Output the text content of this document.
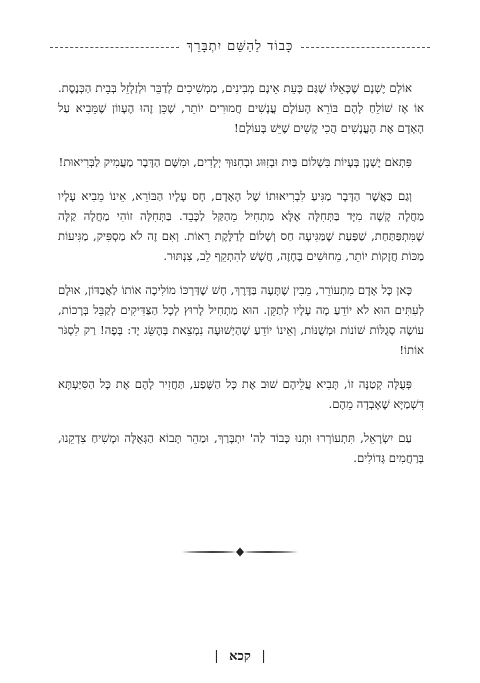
כָּבוֹד לַהַשֵּׁם יִתְבָּרֵךְ

אוֹלָם יֶשְׁנָם שֶׁכָּאֵלּוּ שֶׁגַּם כָּעֵת אֵינָם מְבִינִים, מַמְשִׁיכִים לְדַבֵּר וּלְזַלְזֵל בְּבֵית הַכְּנֶסֶת. אוֹ אָז שׁוֹלֵחַ לָהֶם בּוֹרֵא הָעוֹלָם עֳנָשִׁים חֲמוּרִים יוֹתֵר, שֶׁכֵּן זֶהוּ הֶעָווֹן שֶׁמֵּבִיא עַל הָאָדָם אֶת הָעֳנָשִׁים הֲכִי קָשִׁים שֶׁיֵּשׁ בָּעוֹלָם!

פִּתְאֹם יֶשְׁנָן בְּעָיוֹת בִּשְׁלוֹם בַּיִת וּבְזִוּוּג וּבְחִנּוּךְ יְלָדִים, וּמִשָּׁם הַדָּבָר מַעֲמִיק לַבְּרִיאוּת!

וְגַם כַּאֲשֶׁר הַדָּבָר מַגִּיעַ לִבְרִיאוּתוֹ שֶׁל הָאָדָם, חָס עָלָיו הַבּוֹרֵא, אֵינוֹ מֵבִיא עָלָיו מַחֲלָה קָשָׁה מִיָּד בַּתְּחִלָּה אֶלָּא מַתְחִיל מֵהַקַּל לַכָּבֵד. בַּתְּחִלָּה זוֹהִי מַחֲלָה קַלָּה שֶׁמִּתְפַּתַּחַת, שַׁפַּעַת שֶׁמַּגִּיעָה חַס וְשָׁלוֹם לְדַלֶּקֶת רֵאוֹת. וְאִם זֶה לֹא מַסְפִּיק, מַגִּיעוֹת מַכּוֹת חֲזָקוֹת יוֹתֵר, מֵחוּשִׁים בֶּחָזֶה, חֲשָׁשׁ לְהִתְקֵף לֵב, צִנְתּוּר.

כָּאן כָּל אָדָם מִתְעוֹרֵר, מֵבִין שֶׁתָּעָה בַּדֶּרֶךְ, חָשׁ שֶׁדַּרְכּוֹ מוֹלִיכָה אוֹתוֹ לַאֲבַדּוֹן, אוּלָם לְעִתִּים הוּא לֹא יוֹדֵעַ מָה עָלָיו לְתַקֵּן. הוּא מַתְחִיל לָרוּץ לְכָל הַצַּדִּיקִים לְקַבֵּל בְּרָכוֹת, עוֹשֶׂה סְגֻלּוֹת שׁוֹנוֹת וּמְשֻׁנּוֹת, וְאֵינוֹ יוֹדֵעַ שֶׁהַיְשׁוּעָה נִמְצֵאת בְּהֶשֵּׂג יָד: בְּפֶה! רַק לִסְגֹּר אוֹתוֹ!

פְּעֻלָּה קְטַנָּה זוֹ, תָּבִיא עֲלֵיהֶם שׁוּב אֶת כָּל הַשֶּׁפַע, תַּחֲזִיר לָהֶם אֶת כָּל הַסִּיַּעְתָּא דִּשְׁמַיָּא שֶׁאָבְדָה מֵהֶם.

עַם יִשְׂרָאֵל, תִּתְעוֹרְרוּ וּתְנוּ כָּבוֹד לַה' יִתְבָּרַךְ, וּמַהֵר תָּבוֹא הַגְּאֻלָּה וּמָשִׁיחַ צִדְקֵנוּ, בְּרַחֲמִים גְּדוֹלִים.

| קכא |
